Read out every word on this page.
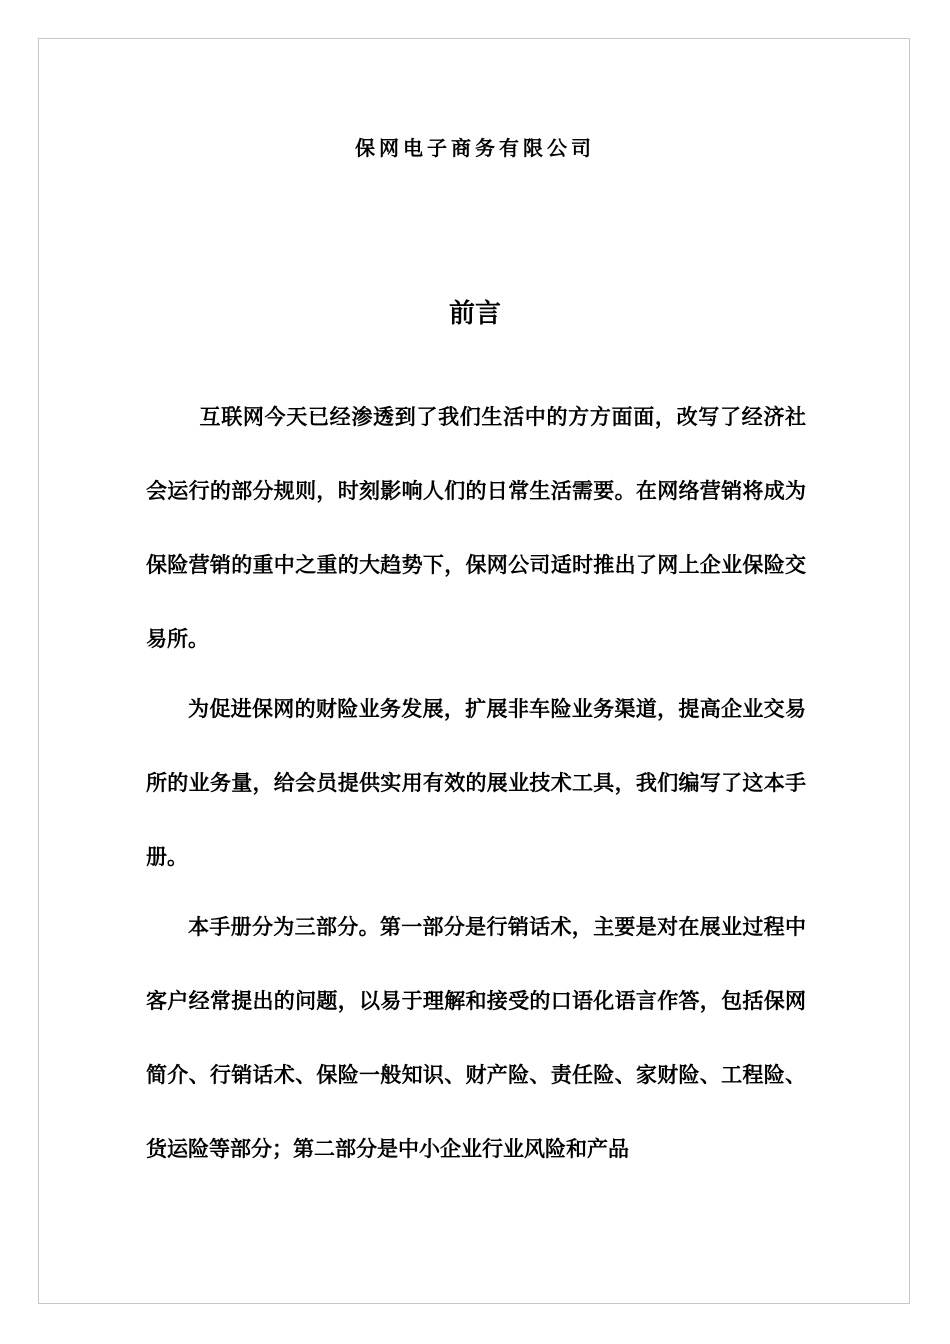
保网电子商务有限公司
前言

互联网今天已经渗透到了我们生活中的方方面面，改写了经济社会运行的部分规则，时刻影响人们的日常生活需要。在网络营销将成为保险营销的重中之重的大趋势下，保网公司适时推出了网上企业保险交易所。

为促进保网的财险业务发展，扩展非车险业务渠道，提高企业交易所的业务量，给会员提供实用有效的展业技术工具，我们编写了这本手册。

本手册分为三部分。第一部分是行销话术，主要是对在展业过程中客户经常提出的问题，以易于理解和接受的口语化语言作答，包括保网简介、行销话术、保险一般知识、财产险、责任险、家财险、工程险、货运险等部分；第二部分是中小企业行业风险和产品
